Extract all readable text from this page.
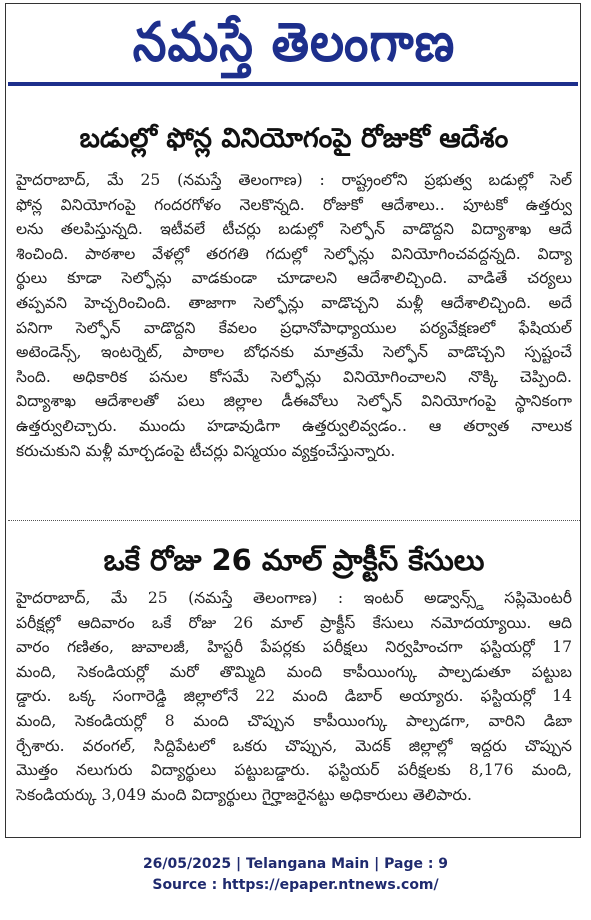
నమస్తే తెలంగాణ
బడుల్లో ఫోన్ల వినియోగంపై రోజుకో ఆదేశం
హైదరాబాద్, మే 25 (నమస్తే తెలంగాణ) : రాష్ట్రంలోని ప్రభుత్వ బడుల్లో సెల్
ఫోన్ల వినియోగంపై గందరగోళం నెలకొన్నది. రోజుకో ఆదేశాలు.. పూటకో ఉత్తర్వు
లను తలపిస్తున్నది. ఇటీవలే టీచర్లు బడుల్లో సెల్ఫోన్ వాడొద్దని విద్యాశాఖ ఆదే
శించింది. పాఠశాల వేళల్లో తరగతి గదుల్లో సెల్ఫోన్లు వినియోగించవద్దన్నది. విద్యా
ర్థులు కూడా సెల్ఫోన్లు వాడకుండా చూడాలని ఆదేశాలిచ్చింది. వాడితే చర్యలు
తప్పవని హెచ్చరించింది. తాజాగా సెల్ఫోన్లు వాడొచ్చని మళ్లీ ఆదేశాలిచ్చింది. అదే
పనిగా సెల్ఫోన్ వాడొద్దని కేవలం ప్రధానోపాధ్యాయుల పర్యవేక్షణలో ఫేషియల్
అటెండెన్స్, ఇంటర్నెట్, పాఠాల బోధనకు మాత్రమే సెల్ఫోన్ వాడొచ్చని స్పష్టంచే
సింది. అధికారిక పనుల కోసమే సెల్ఫోన్లు వినియోగించాలని నొక్కి చెప్పింది.
విద్యాశాఖ ఆదేశాలతో పలు జిల్లాల డీఈవోలు సెల్ఫోన్ వినియోగంపై స్థానికంగా
ఉత్తర్వులిచ్చారు. ముందు హడావుడిగా ఉత్తర్వులివ్వడం.. ఆ తర్వాత నాలుక
కరుచుకుని మళ్లీ మార్చడంపై టీచర్లు విస్మయం వ్యక్తంచేస్తున్నారు.
ఒకే రోజు 26 మాల్ ప్రాక్టీస్ కేసులు
హైదరాబాద్, మే 25 (నమస్తే తెలంగాణ) : ఇంటర్ అడ్వాన్స్డ్ సప్లిమెంటరీ
పరీక్షల్లో ఆదివారం ఒకే రోజు 26 మాల్ ప్రాక్టీస్ కేసులు నమోదయ్యాయి. ఆది
వారం గణితం, జువాలజీ, హిస్టరీ పేపర్లకు పరీక్షలు నిర్వహించగా ఫస్టియర్లో 17
మంది, సెకండియర్లో మరో తొమ్మిది మంది కాపీయింగ్కు పాల్పడుతూ పట్టుబ
డ్డారు. ఒక్క సంగారెడ్డి జిల్లాలోనే 22 మంది డిబార్ అయ్యారు. ఫస్టియర్లో 14
మంది, సెకండియర్లో 8 మంది చొప్పున కాపీయింగ్కు పాల్పడగా, వారిని డిబా
ర్చేశారు. వరంగల్, సిద్దిపేటలో ఒకరు చొప్పున, మెదక్ జిల్లాల్లో ఇద్దరు చొప్పున
మొత్తం నలుగురు విద్యార్థులు పట్టుబడ్డారు. ఫస్టియర్ పరీక్షలకు 8,176 మంది,
సెకండియర్కు 3,049 మంది విద్యార్థులు గైర్హాజరైనట్టు అధికారులు తెలిపారు.
26/05/2025 | Telangana Main | Page : 9
Source : https://epaper.ntnews.com/
